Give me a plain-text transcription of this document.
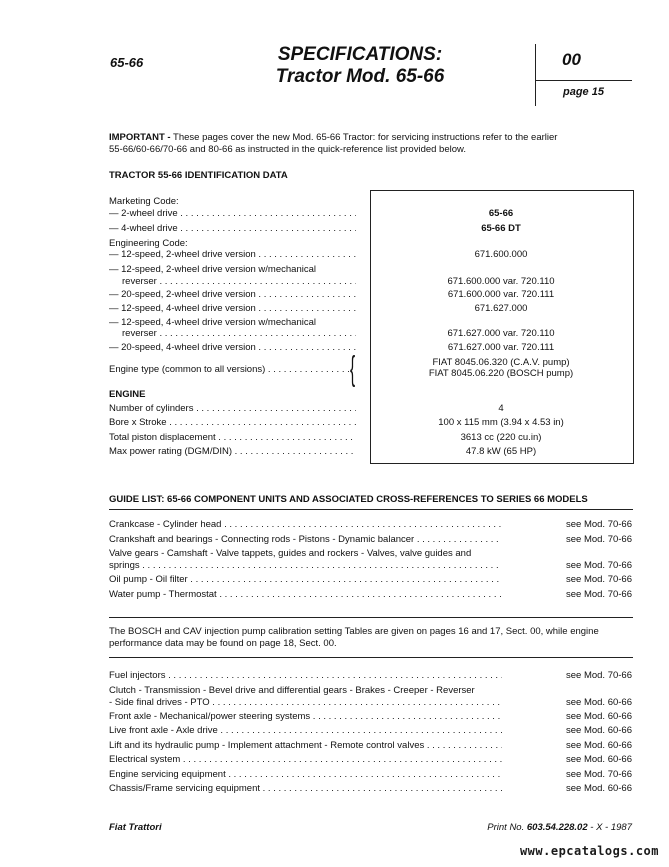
65-66	SPECIFICATIONS:
Tractor Mod. 65-66
00
page 15
IMPORTANT - These pages cover the new Mod. 65-66 Tractor: for servicing instructions refer to the earlier
55-66/60-66/70-66 and 80-66 as instructed in the quick-reference list provided below.
TRACTOR 55-66 IDENTIFICATION DATA
Marketing Code:
— 2-wheel drive . . .	65-66
— 4-wheel drive . . .	65-66 DT
Engineering Code:
— 12-speed, 2-wheel drive version . . .	671.600.000
— 12-speed, 2-wheel drive version w/mechanical
reverser . . .	671.600.000 var. 720.110
— 20-speed, 2-wheel drive version . . .	671.600.000 var. 720.111
— 12-speed, 4-wheel drive version . . .	671.627.000
— 12-speed, 4-wheel drive version w/mechanical
reverser . . .	671.627.000 var. 720.110
— 20-speed, 4-wheel drive version . . .	671.627.000 var. 720.111
Engine type (common to all versions) . . .	{	FIAT 8045.06.320 (C.A.V. pump)
FIAT 8045.06.220 (BOSCH pump)
ENGINE
Number of cylinders . . .	4
Bore x Stroke . . .	100 x 115 mm (3.94 x 4.53 in)
Total piston displacement . . .	3613 cc (220 cu.in)
Max power rating (DGM/DIN) . . .	47.8 kW (65 HP)
GUIDE LIST: 65-66 COMPONENT UNITS AND ASSOCIATED CROSS-REFERENCES TO SERIES 66 MODELS
Crankcase - Cylinder head . . .	see Mod. 70-66
Crankshaft and bearings - Connecting rods - Pistons - Dynamic balancer . . .	see Mod. 70-66
Valve gears - Camshaft - Valve tappets, guides and rockers - Valves, valve guides and
springs . . .	see Mod. 70-66
Oil pump - Oil filter . . .	see Mod. 70-66
Water pump - Thermostat . . .	see Mod. 70-66
The BOSCH and CAV injection pump calibration setting Tables are given on pages 16 and 17, Sect. 00, while engine
performance data may be found on page 18, Sect. 00.
Fuel injectors . . .	see Mod. 70-66
Clutch - Transmission - Bevel drive and differential gears - Brakes - Creeper - Reverser
- Side final drives - PTO . . .	see Mod. 60-66
Front axle - Mechanical/power steering systems . . .	see Mod. 60-66
Live front axle - Axle drive . . .	see Mod. 60-66
Lift and its hydraulic pump - Implement attachment - Remote control valves . . .	see Mod. 60-66
Electrical system . . .	see Mod. 60-66
Engine servicing equipment . . .	see Mod. 70-66
Chassis/Frame servicing equipment . . .	see Mod. 60-66
Fiat Trattori	Print No. 603.54.228.02 - X - 1987
www.epcatalogs.com
